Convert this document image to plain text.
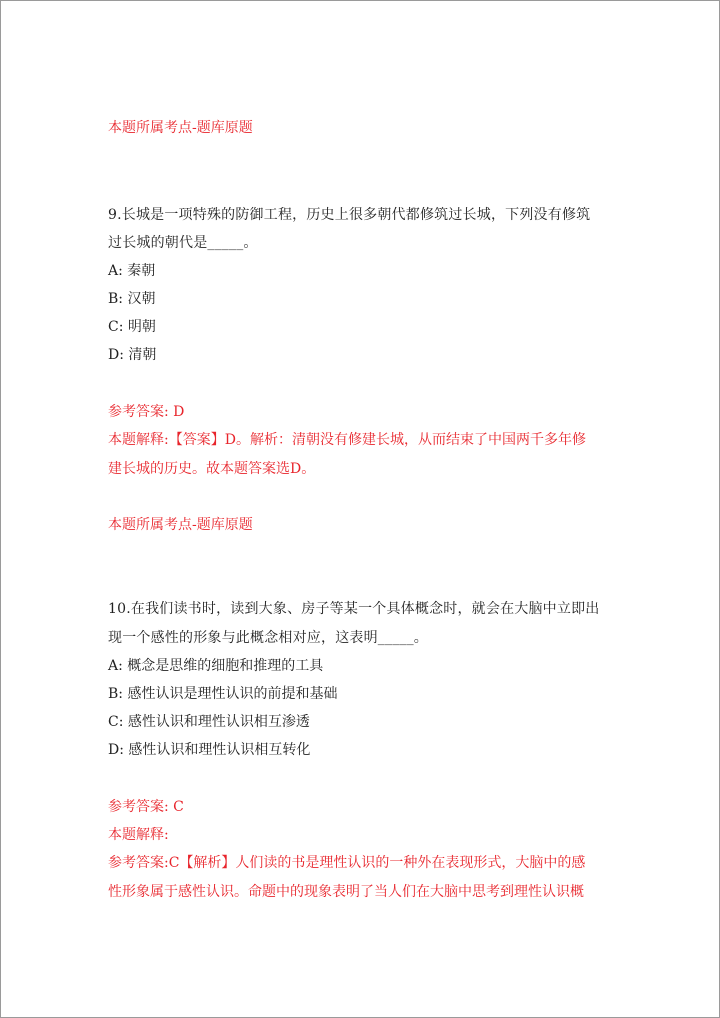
本题所属考点-题库原题
9.长城是一项特殊的防御工程，历史上很多朝代都修筑过长城，下列没有修筑
过长城的朝代是_____。
A: 秦朝
B: 汉朝
C: 明朝
D: 清朝
参考答案: D
本题解释:【答案】D。解析：清朝没有修建长城，从而结束了中国两千多年修
建长城的历史。故本题答案选D。
本题所属考点-题库原题
10.在我们读书时，读到大象、房子等某一个具体概念时，就会在大脑中立即出
现一个感性的形象与此概念相对应，这表明_____。
A: 概念是思维的细胞和推理的工具
B: 感性认识是理性认识的前提和基础
C: 感性认识和理性认识相互渗透
D: 感性认识和理性认识相互转化
参考答案: C
本题解释:
参考答案:C【解析】人们读的书是理性认识的一种外在表现形式，大脑中的感
性形象属于感性认识。命题中的现象表明了当人们在大脑中思考到理性认识概
